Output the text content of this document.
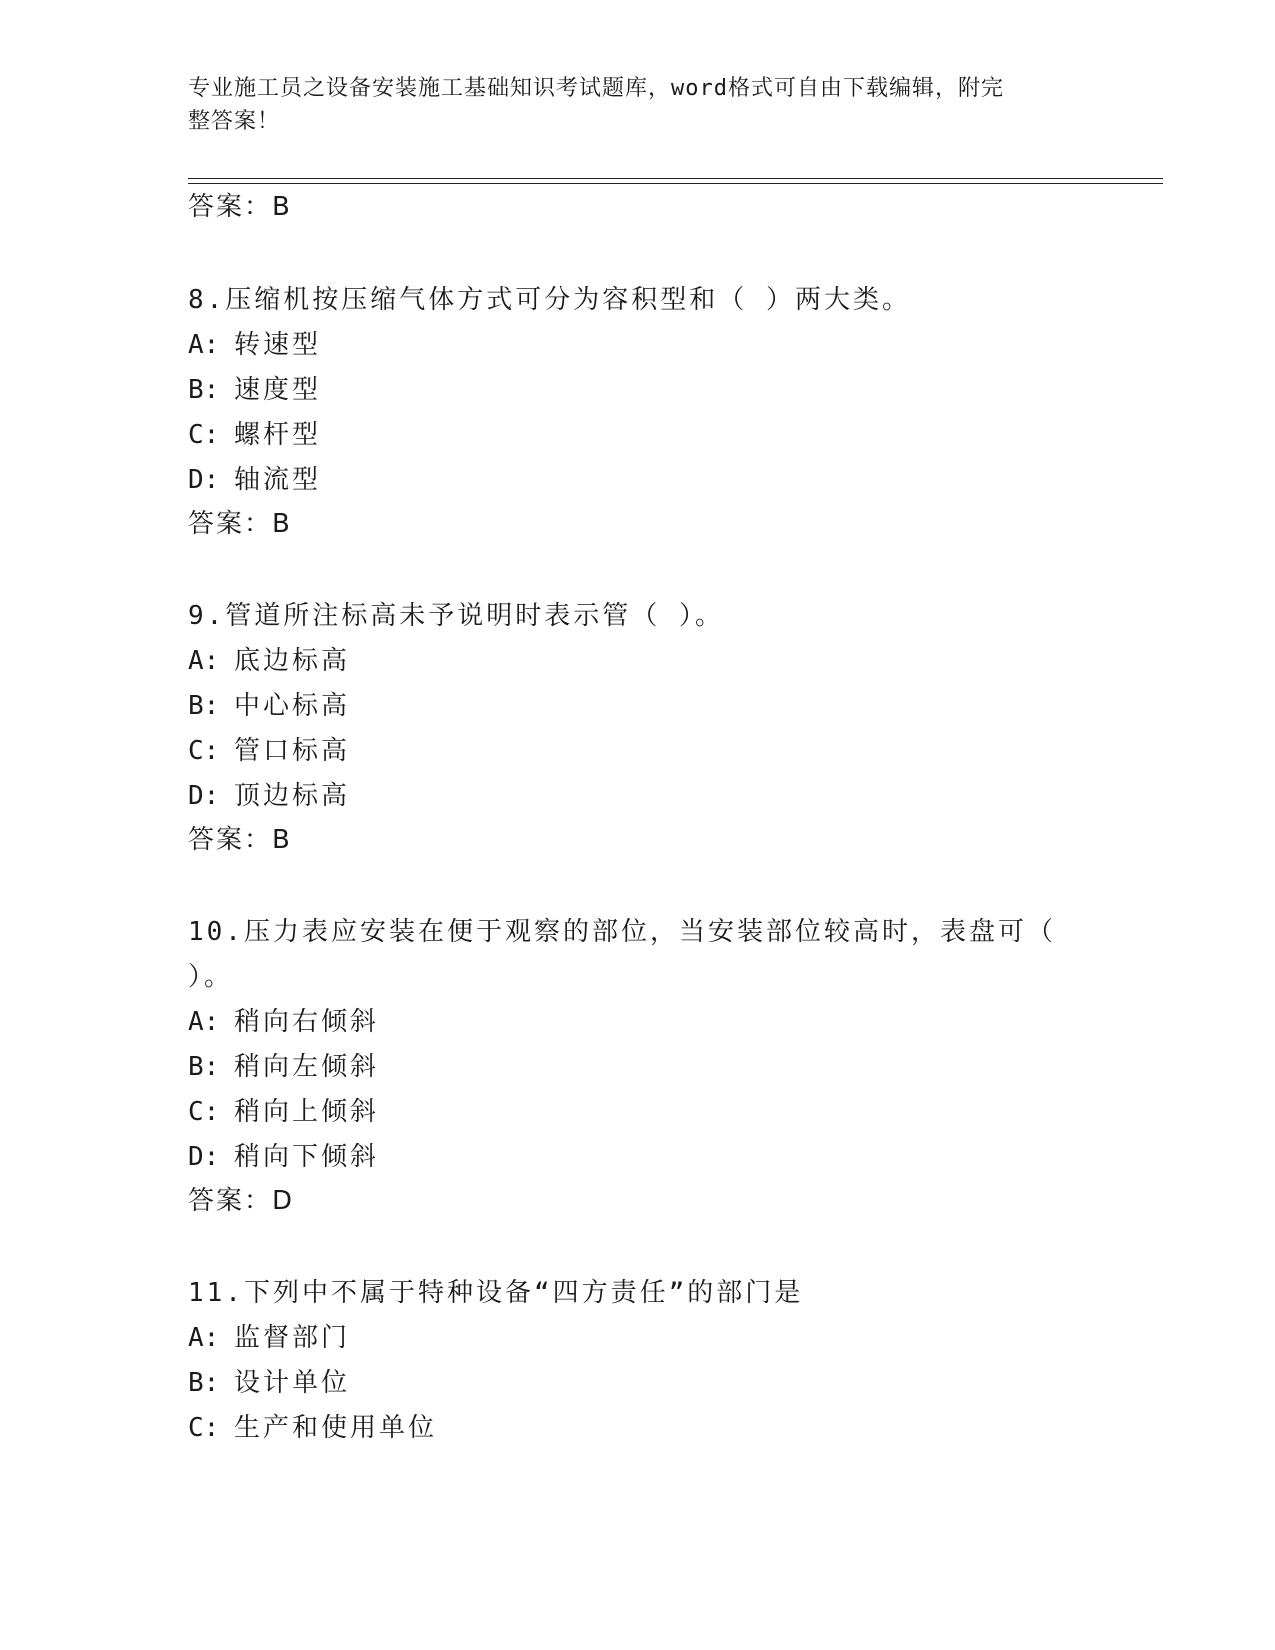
专业施工员之设备安装施工基础知识考试题库，word格式可自由下载编辑，附完
整答案！
答案：B
8.压缩机按压缩气体方式可分为容积型和（ ）两大类。
A: 转速型
B: 速度型
C: 螺杆型
D: 轴流型
答案：B
9.管道所注标高未予说明时表示管（ ）。
A: 底边标高
B: 中心标高
C: 管口标高
D: 顶边标高
答案：B
10.压力表应安装在便于观察的部位，当安装部位较高时，表盘可（
）。
A: 稍向右倾斜
B: 稍向左倾斜
C: 稍向上倾斜
D: 稍向下倾斜
答案：D
11.下列中不属于特种设备“四方责任”的部门是
A: 监督部门
B: 设计单位
C: 生产和使用单位
